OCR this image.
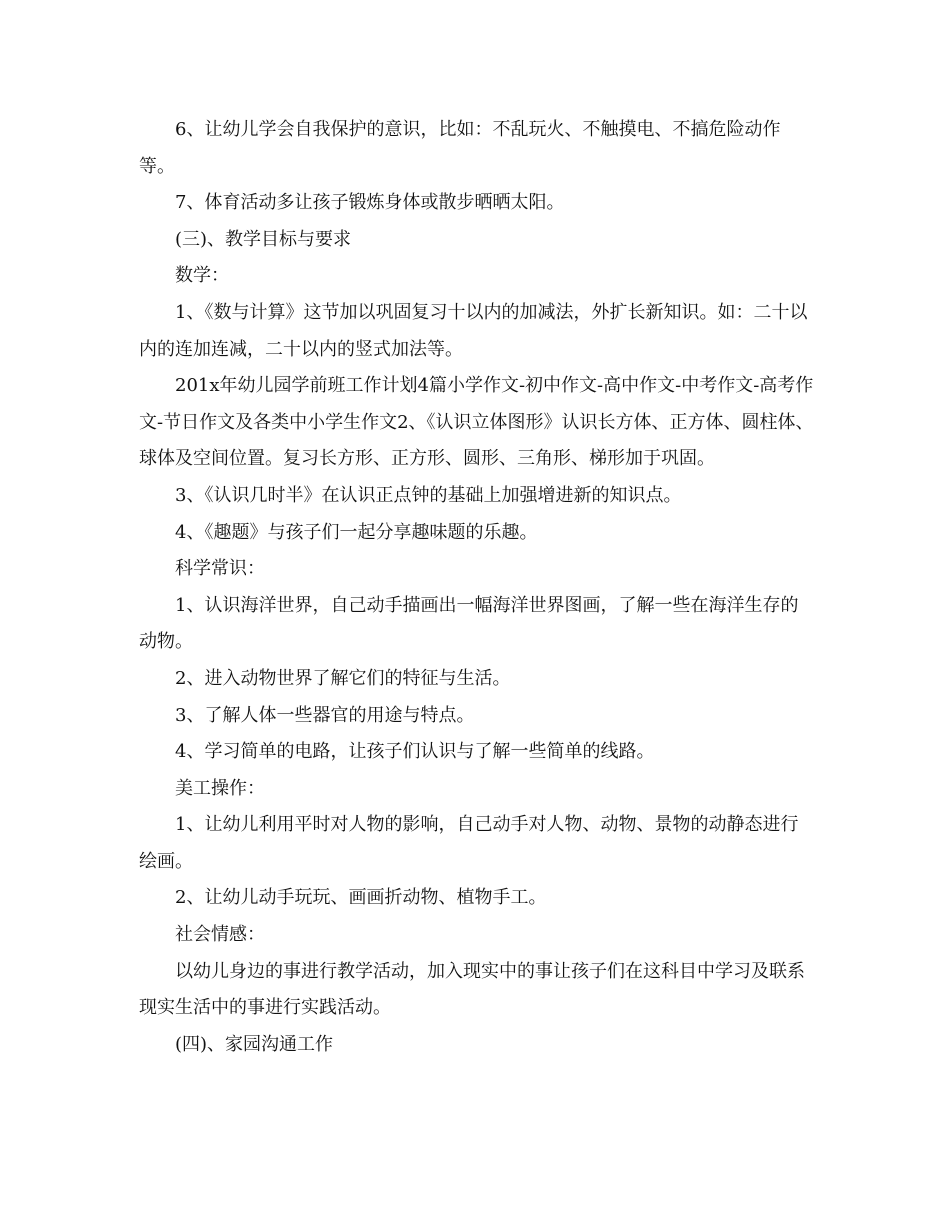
6、让幼儿学会自我保护的意识，比如：不乱玩火、不触摸电、不搞危险动作等。

7、体育活动多让孩子锻炼身体或散步晒晒太阳。

(三)、教学目标与要求

数学：

1、《数与计算》这节加以巩固复习十以内的加减法，外扩长新知识。如：二十以内的连加连减，二十以内的竖式加法等。

201x年幼儿园学前班工作计划4篇小学作文-初中作文-高中作文-中考作文-高考作文-节日作文及各类中小学生作文2、《认识立体图形》认识长方体、正方体、圆柱体、球体及空间位置。复习长方形、正方形、圆形、三角形、梯形加于巩固。

3、《认识几时半》在认识正点钟的基础上加强增进新的知识点。

4、《趣题》与孩子们一起分享趣味题的乐趣。

科学常识：

1、认识海洋世界，自己动手描画出一幅海洋世界图画，了解一些在海洋生存的动物。

2、进入动物世界了解它们的特征与生活。

3、了解人体一些器官的用途与特点。

4、学习简单的电路，让孩子们认识与了解一些简单的线路。

美工操作：

1、让幼儿利用平时对人物的影响，自己动手对人物、动物、景物的动静态进行绘画。

2、让幼儿动手玩玩、画画折动物、植物手工。

社会情感：

以幼儿身边的事进行教学活动，加入现实中的事让孩子们在这科目中学习及联系现实生活中的事进行实践活动。

(四)、家园沟通工作
